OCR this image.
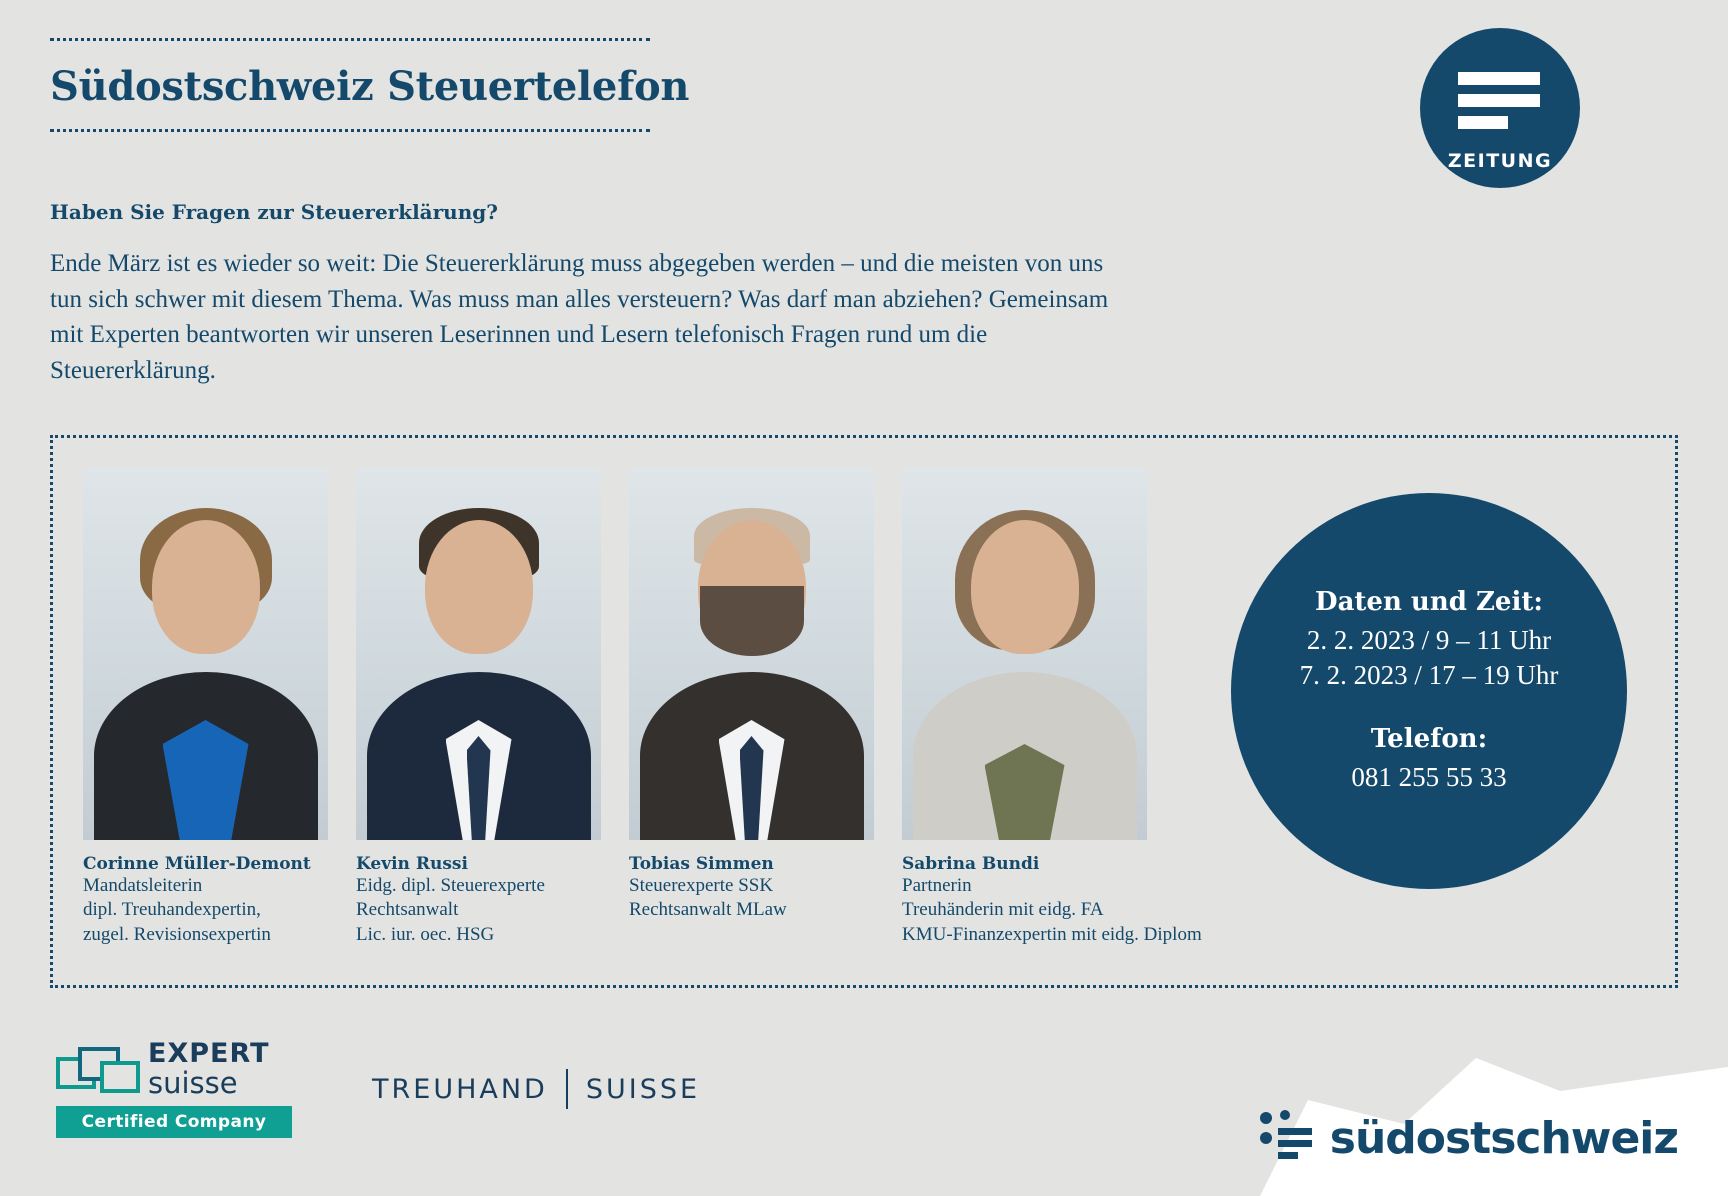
Südostschweiz Steuertelefon
ZEITUNG
Haben Sie Fragen zur Steuererklärung?

Ende März ist es wieder so weit: Die Steuererklärung muss abgegeben werden – und die meisten von uns tun sich schwer mit diesem Thema. Was muss man alles versteuern? Was darf man abziehen? Gemeinsam mit Experten beantworten wir unseren Leserinnen und Lesern telefonisch Fragen rund um die Steuererklärung.

Corinne Müller-Demont
Mandatsleiterin
dipl. Treuhandexpertin,
zugel. Revisionsexpertin
Kevin Russi
Eidg. dipl. Steuerexperte
Rechtsanwalt
Lic. iur. oec. HSG
Tobias Simmen
Steuerexperte SSK
Rechtsanwalt MLaw
Sabrina Bundi
Partnerin
Treuhänderin mit eidg. FA
KMU-Finanzexpertin mit eidg. Diplom
Daten und Zeit:
2. 2. 2023 / 9 – 11 Uhr
7. 2. 2023 / 17 – 19 Uhr
Telefon:
081 255 55 33
EXPERT
suisse
Certified Company
TREUHAND SUISSE
südostschweiz
